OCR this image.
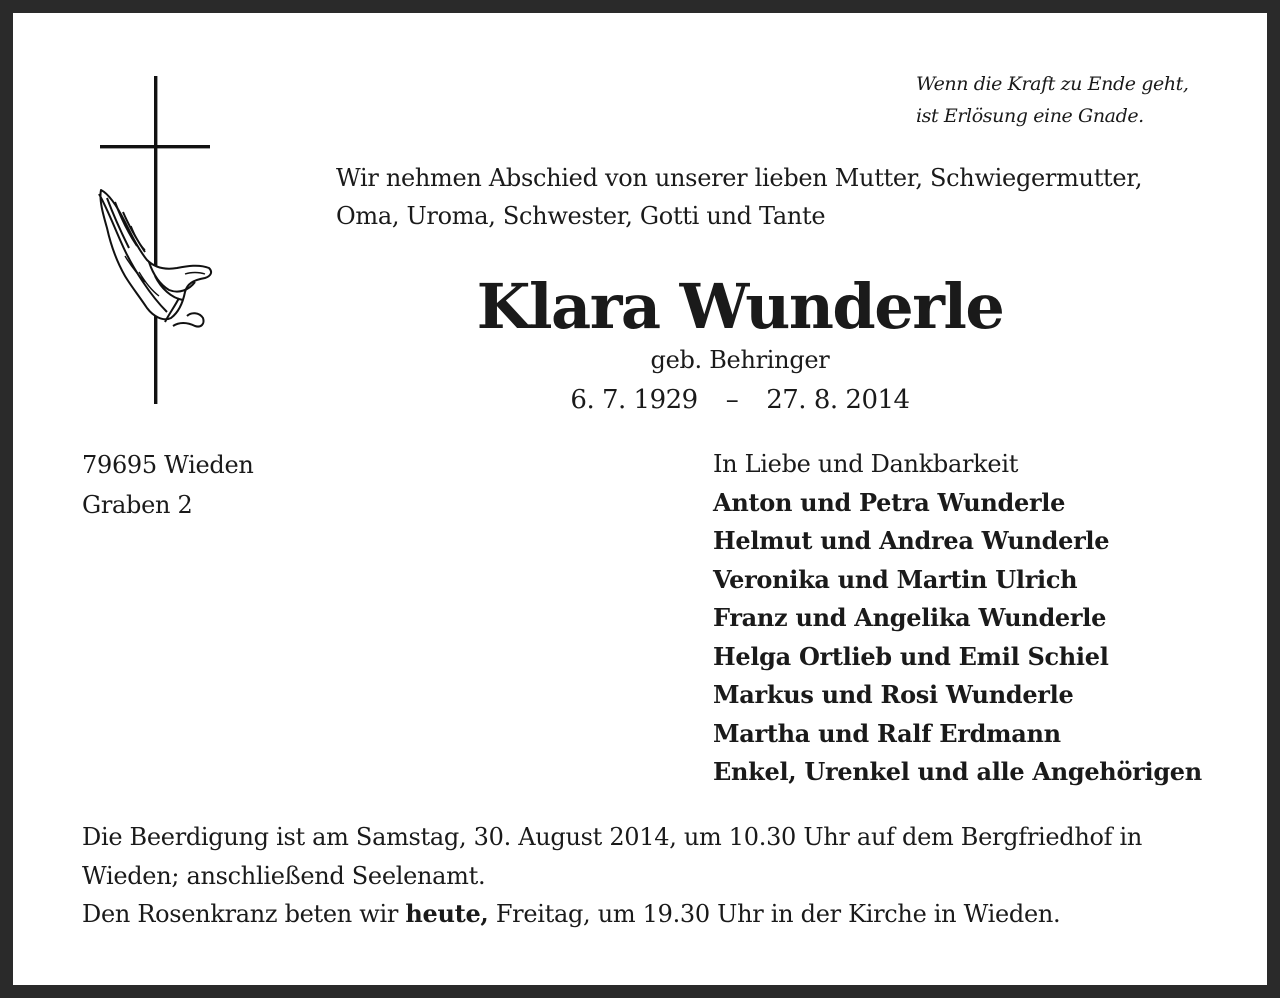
Wenn die Kraft zu Ende geht,
ist Erlösung eine Gnade.
Wir nehmen Abschied von unserer lieben Mutter, Schwiegermutter,
Oma, Uroma, Schwester, Gotti und Tante
Klara Wunderle
geb. Behringer
6. 7. 1929 – 27. 8. 2014
79695 Wieden
Graben 2
In Liebe und Dankbarkeit
Anton und Petra Wunderle
Helmut und Andrea Wunderle
Veronika und Martin Ulrich
Franz und Angelika Wunderle
Helga Ortlieb und Emil Schiel
Markus und Rosi Wunderle
Martha und Ralf Erdmann
Enkel, Urenkel und alle Angehörigen
Die Beerdigung ist am Samstag, 30. August 2014, um 10.30 Uhr auf dem Bergfriedhof in
Wieden; anschließend Seelenamt.
Den Rosenkranz beten wir heute, Freitag, um 19.30 Uhr in der Kirche in Wieden.
